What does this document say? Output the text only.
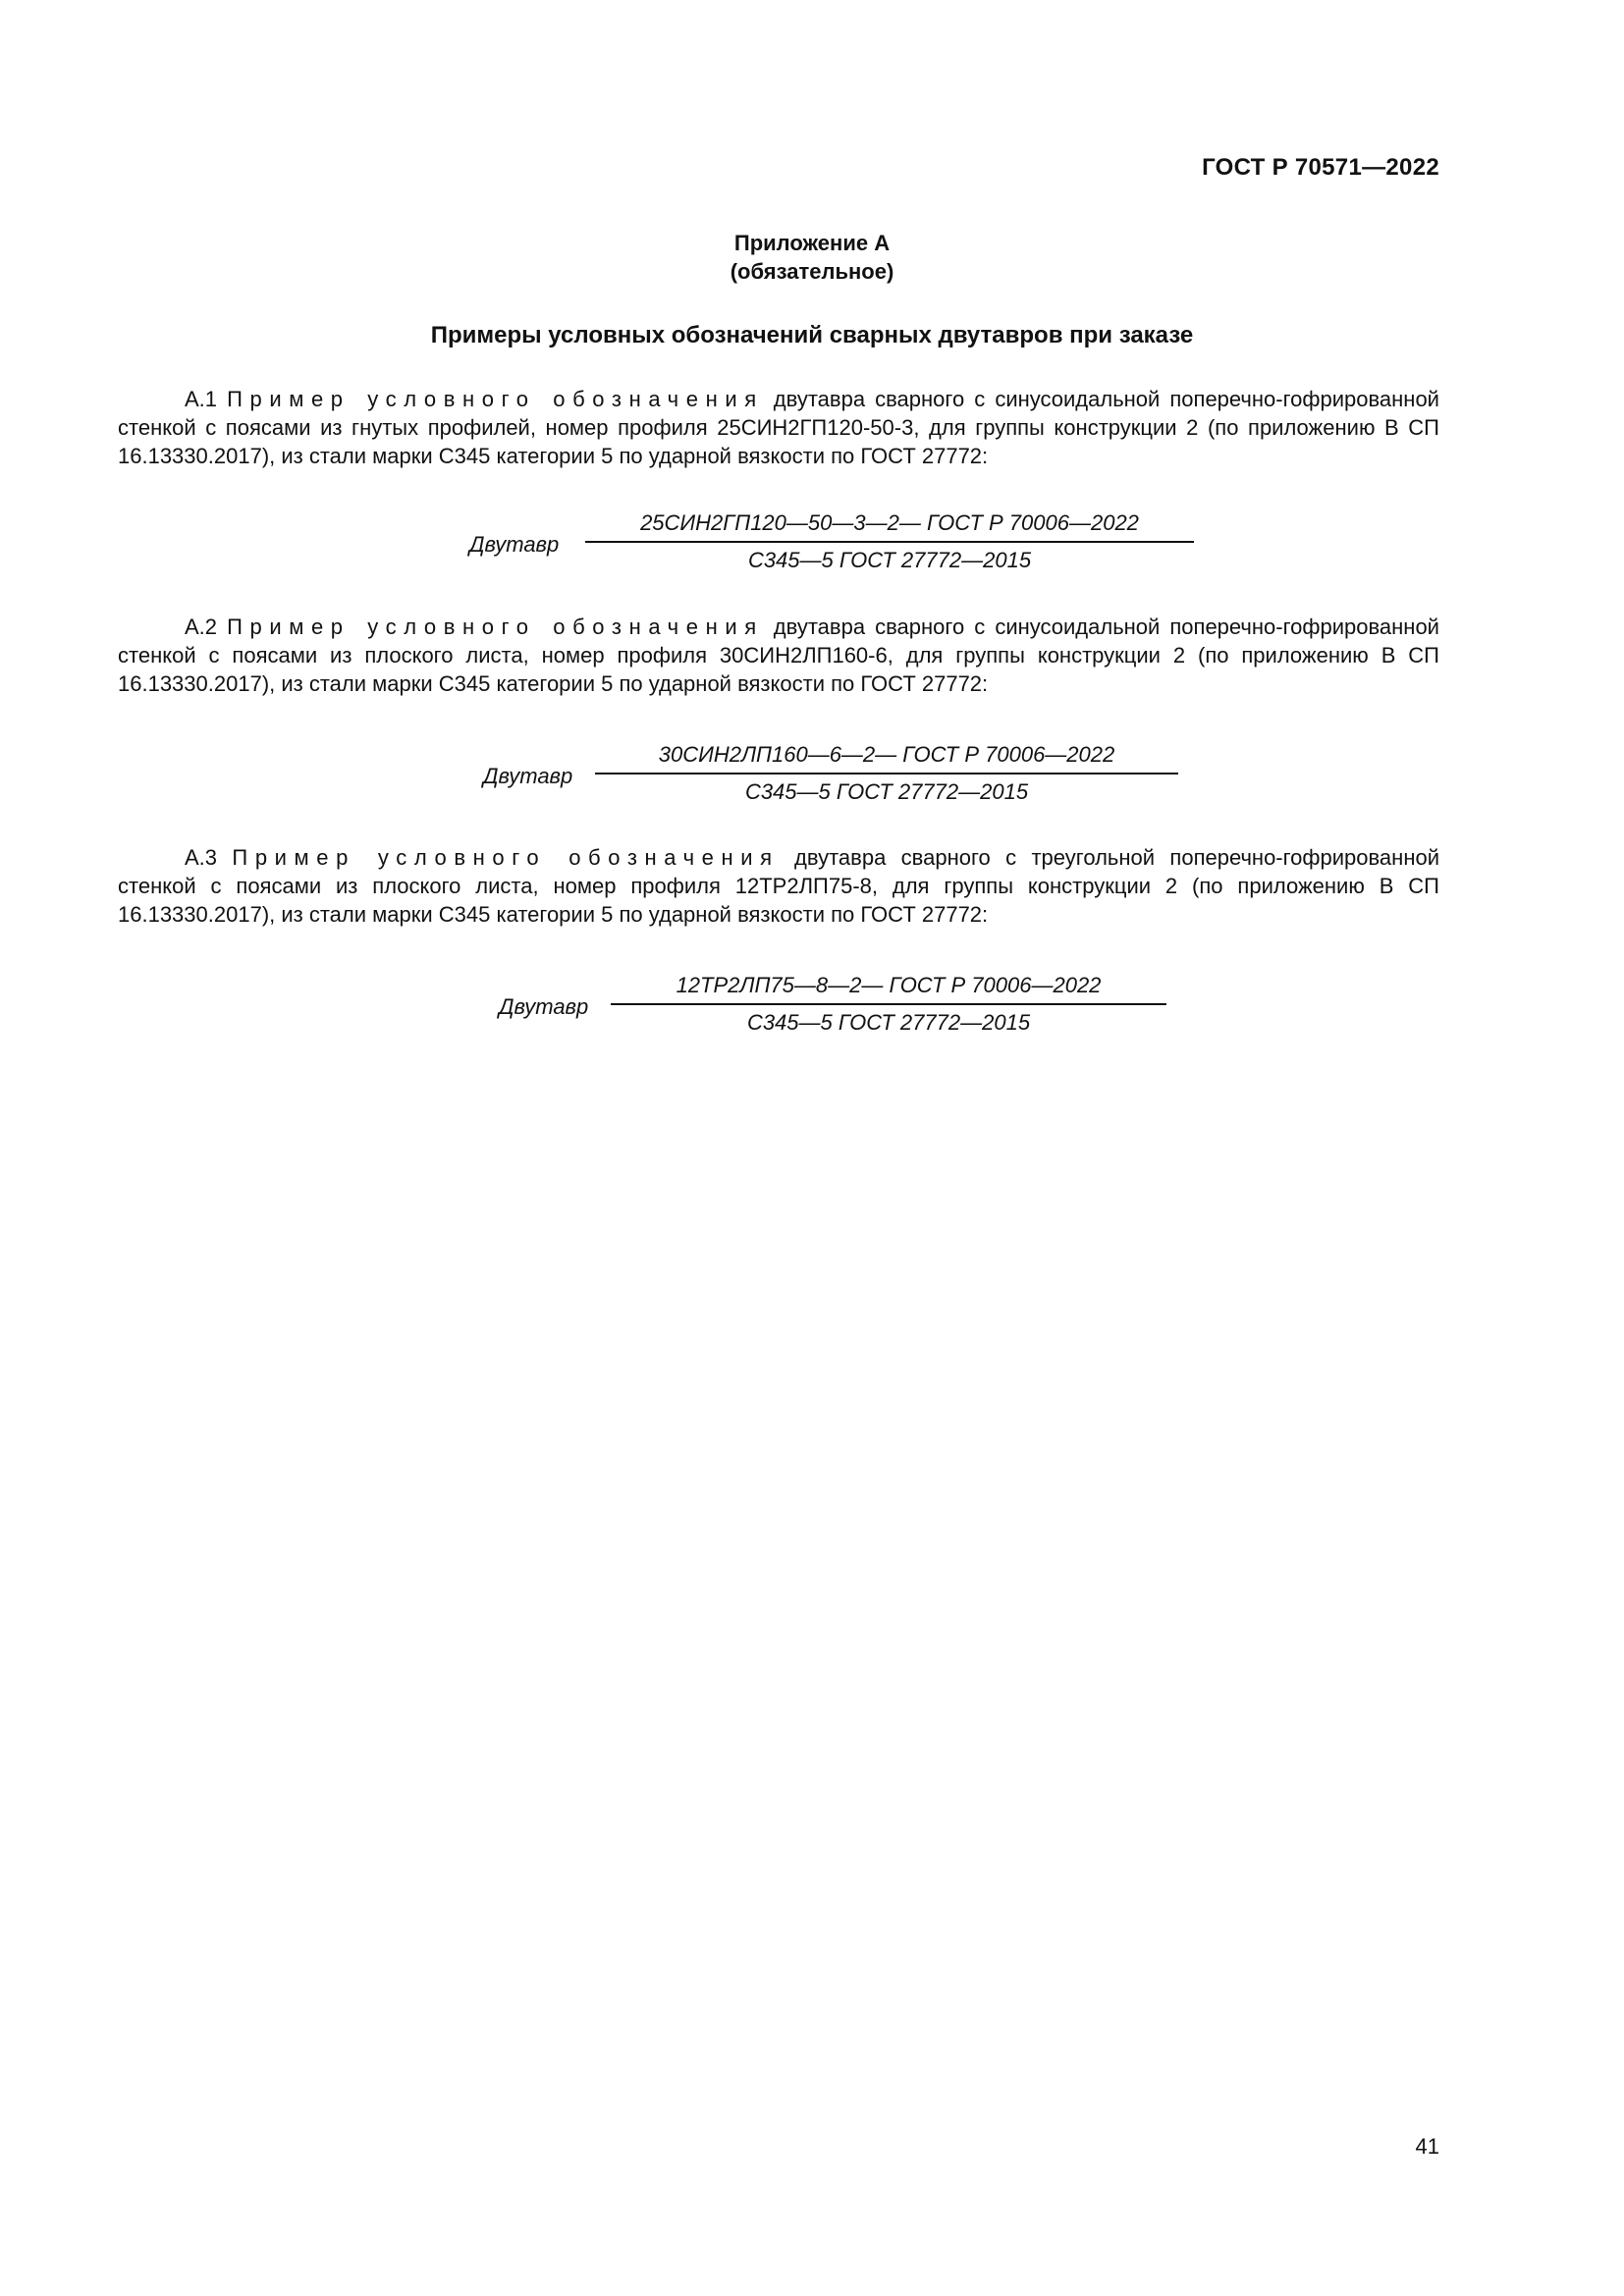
ГОСТ Р 70571—2022
Приложение А
(обязательное)
Примеры условных обозначений сварных двутавров при заказе

А.1 Пример условного обозначения двутавра сварного с синусоидальной поперечно-гофрированной стенкой с поясами из гнутых профилей, номер профиля 25СИН2ГП120-50-3, для группы конструкции 2 (по приложению В СП 16.13330.2017), из стали марки С345 категории 5 по ударной вязкости по ГОСТ 27772:

Двутавр
25СИН2ГП120—50—3—2— ГОСТ Р 70006—2022
С345—5 ГОСТ 27772—2015

А.2 Пример условного обозначения двутавра сварного с синусоидальной поперечно-гофрированной стенкой с поясами из плоского листа, номер профиля 30СИН2ЛП160-6, для группы конструкции 2 (по приложению В СП 16.13330.2017), из стали марки С345 категории 5 по ударной вязкости по ГОСТ 27772:

Двутавр
30СИН2ЛП160—6—2— ГОСТ Р 70006—2022
С345—5 ГОСТ 27772—2015

А.3 Пример условного обозначения двутавра сварного с треугольной поперечно-гофрированной стенкой с поясами из плоского листа, номер профиля 12ТР2ЛП75-8, для группы конструкции 2 (по приложению В СП 16.13330.2017), из стали марки С345 категории 5 по ударной вязкости по ГОСТ 27772:

Двутавр
12ТР2ЛП75—8—2— ГОСТ Р 70006—2022
С345—5 ГОСТ 27772—2015
41
